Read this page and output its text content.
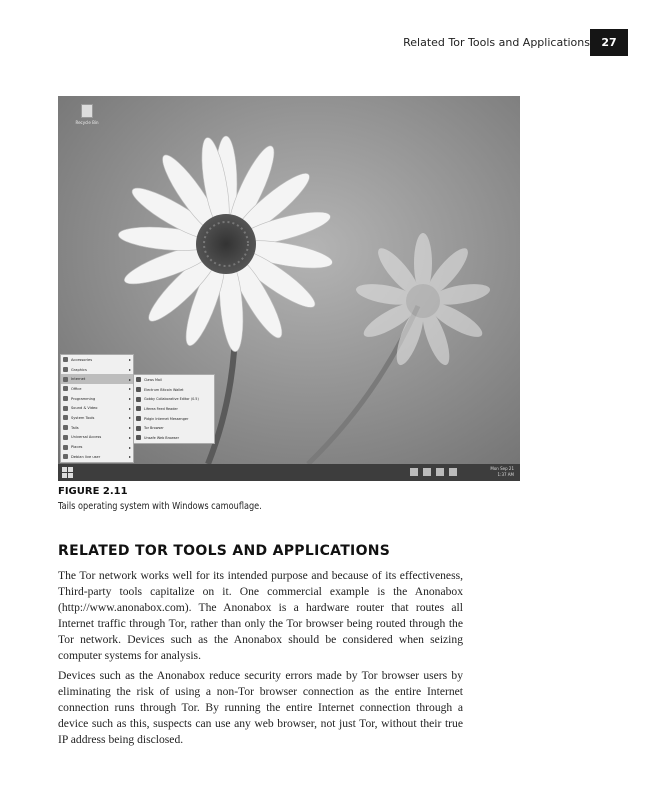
Related Tor Tools and Applications	27
Recycle Bin
Accessories	▸
Graphics	▸
Internet	▸
Office	▸
Programming	▸
Sound & Video	▸
System Tools	▸
Tails	▸
Universal Access	▸
Places	▸
Debian live user	▸
Claws Mail
Electrum Bitcoin Wallet
Gobby Collaborative Editor (0.5)
Liferea Feed Reader
Pidgin Internet Messenger
Tor Browser
Unsafe Web Browser
Mon Sep 21
1:37 AM
FIGURE 2.11
Tails operating system with Windows camouflage.
RELATED TOR TOOLS AND APPLICATIONS

The Tor network works well for its intended purpose and because of its effectiveness, Third-party tools capitalize on it. One commercial example is the Anonabox (http://www.anonabox.com). The Anonabox is a hardware router that routes all Internet traffic through Tor, rather than only the Tor browser being routed through the Tor network. Devices such as the Anonabox should be considered when seizing computer systems for analysis.

Devices such as the Anonabox reduce security errors made by Tor browser users by eliminating the risk of using a non-Tor browser connection as the entire Internet connection runs through Tor. By running the entire Internet connection through a device such as this, suspects can use any web browser, not just Tor, without their true IP address being disclosed.
